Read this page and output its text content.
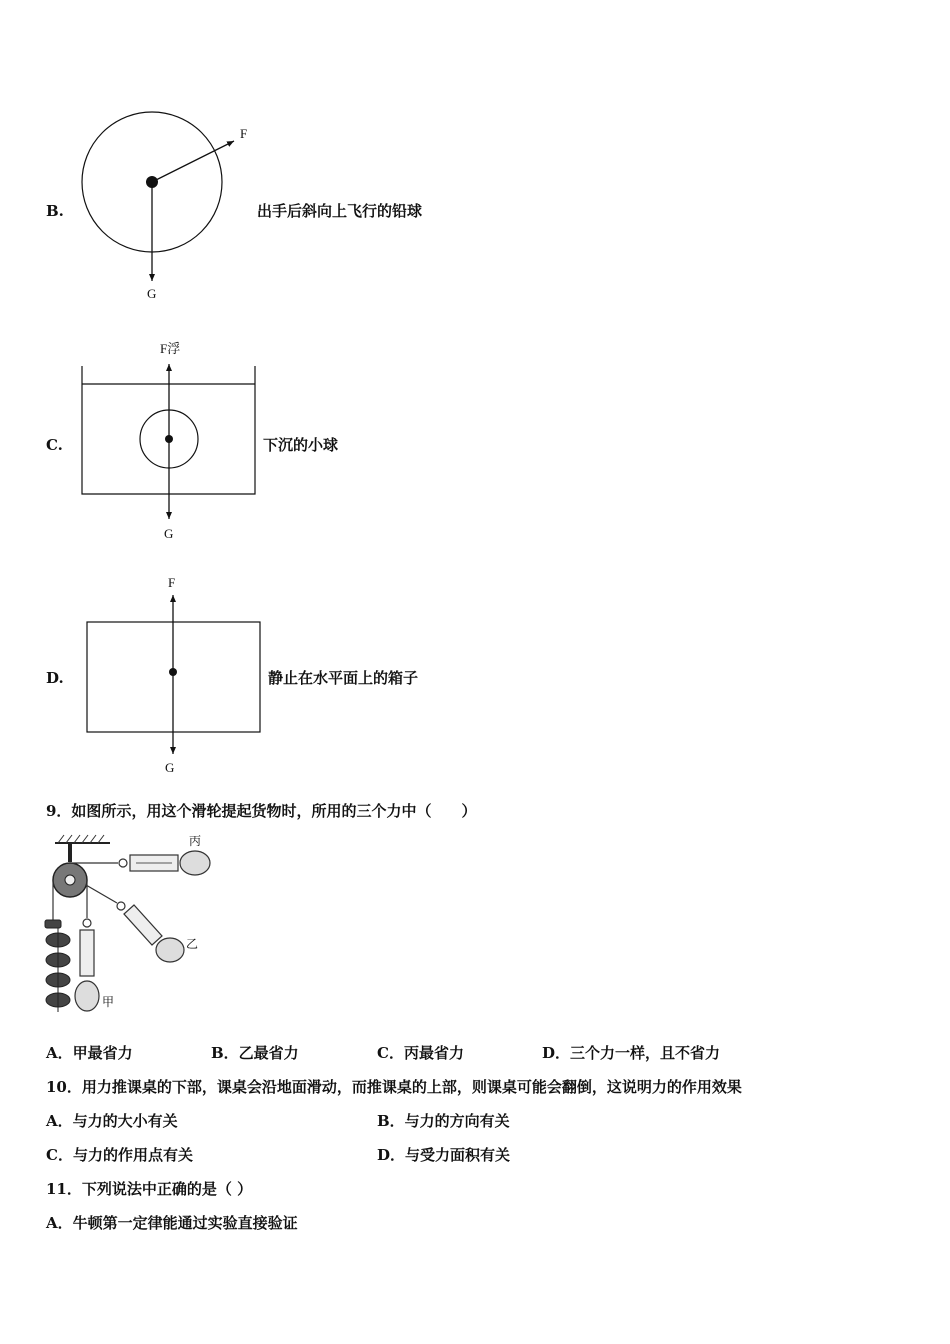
B.
F
G
出手后斜向上飞行的铅球
C.
F浮
G
下沉的小球
D.
F
G
静止在水平面上的箱子
9．如图所示，用这个滑轮提起货物时，所用的三个力中（　　）
丙
乙
甲
A．甲最省力	B．乙最省力	C．丙最省力	D．三个力一样，且不省力
10．用力推课桌的下部，课桌会沿地面滑动，而推课桌的上部，则课桌可能会翻倒，这说明力的作用效果
A．与力的大小有关	B．与力的方向有关
C．与力的作用点有关	D．与受力面积有关
11．下列说法中正确的是（ ）
A．牛顿第一定律能通过实验直接验证
